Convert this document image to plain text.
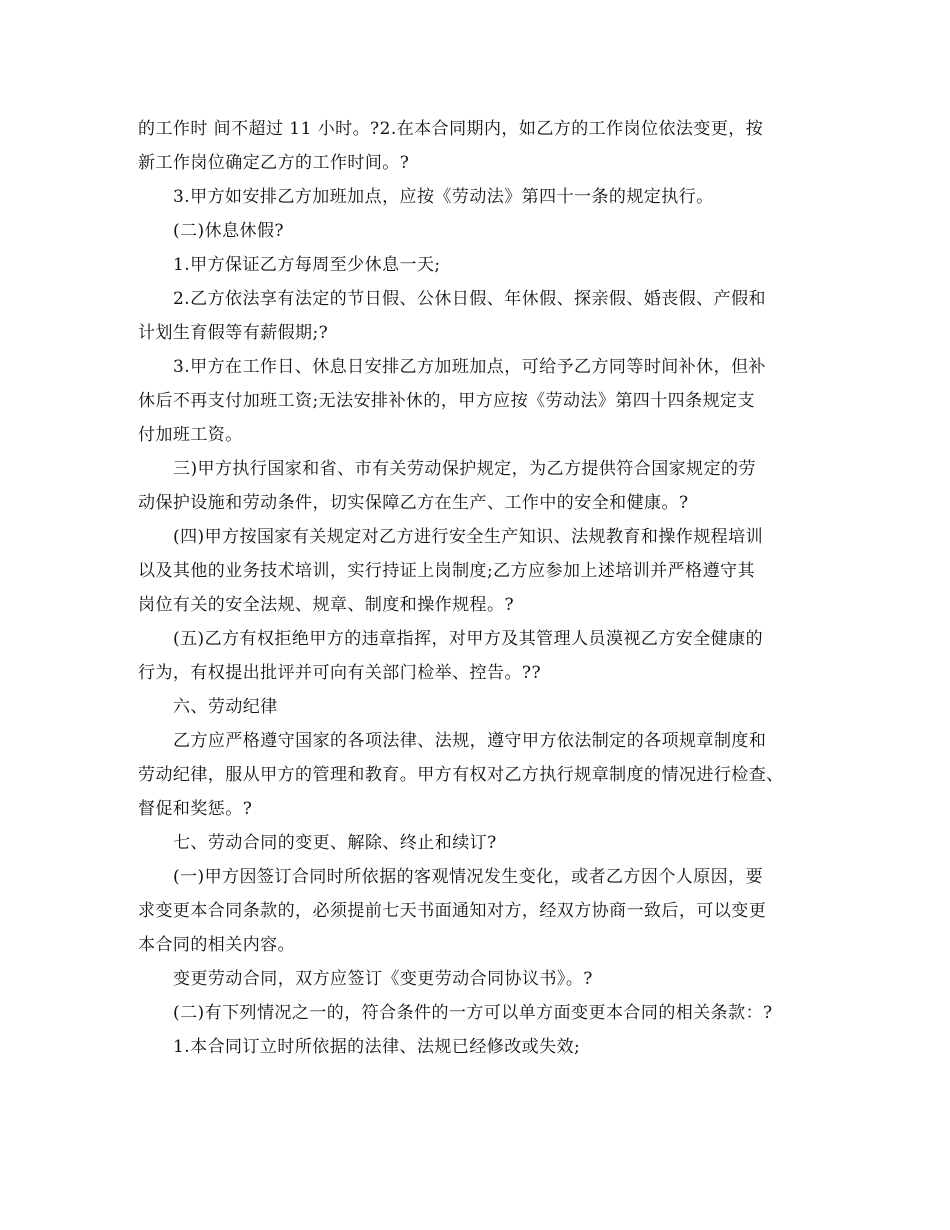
的工作时 间不超过 11 小时。?2.在本合同期内，如乙方的工作岗位依法变更，按
新工作岗位确定乙方的工作时间。?
3.甲方如安排乙方加班加点，应按《劳动法》第四十一条的规定执行。
(二)休息休假?
1.甲方保证乙方每周至少休息一天;
2.乙方依法享有法定的节日假、公休日假、年休假、探亲假、婚丧假、产假和
计划生育假等有薪假期;?
3.甲方在工作日、休息日安排乙方加班加点，可给予乙方同等时间补休，但补
休后不再支付加班工资;无法安排补休的，甲方应按《劳动法》第四十四条规定支
付加班工资。
三)甲方执行国家和省、市有关劳动保护规定，为乙方提供符合国家规定的劳
动保护设施和劳动条件，切实保障乙方在生产、工作中的安全和健康。?
(四)甲方按国家有关规定对乙方进行安全生产知识、法规教育和操作规程培训
以及其他的业务技术培训，实行持证上岗制度;乙方应参加上述培训并严格遵守其
岗位有关的安全法规、规章、制度和操作规程。?
(五)乙方有权拒绝甲方的违章指挥，对甲方及其管理人员漠视乙方安全健康的
行为，有权提出批评并可向有关部门检举、控告。??
六、劳动纪律
乙方应严格遵守国家的各项法律、法规，遵守甲方依法制定的各项规章制度和
劳动纪律，服从甲方的管理和教育。甲方有权对乙方执行规章制度的情况进行检查、
督促和奖惩。?
七、劳动合同的变更、解除、终止和续订?
(一)甲方因签订合同时所依据的客观情况发生变化，或者乙方因个人原因，要
求变更本合同条款的，必须提前七天书面通知对方，经双方协商一致后，可以变更
本合同的相关内容。
变更劳动合同，双方应签订《变更劳动合同协议书》。?
(二)有下列情况之一的，符合条件的一方可以单方面变更本合同的相关条款：?
1.本合同订立时所依据的法律、法规已经修改或失效;
